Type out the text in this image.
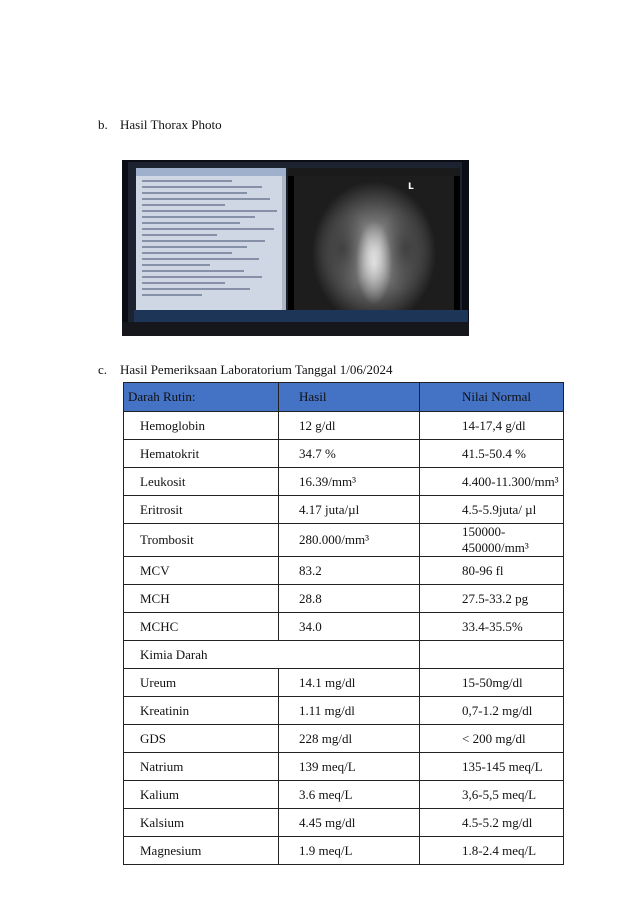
b. Hasil Thorax Photo
L
c. Hasil Pemeriksaan Laboratorium Tanggal 1/06/2024
Darah Rutin:	Hasil	Nilai Normal
Hemoglobin	12 g/dl	14-17,4 g/dl
Hematokrit	34.7 %	41.5-50.4 %
Leukosit	16.39/mm³	4.400-11.300/mm³
Eritrosit	4.17 juta/µl	4.5-5.9juta/ µl
Trombosit	280.000/mm³	150000-450000/mm³
MCV	83.2	80-96 fl
MCH	28.8	27.5-33.2 pg
MCHC	34.0	33.4-35.5%
Kimia Darah		
Ureum	14.1 mg/dl	15-50mg/dl
Kreatinin	1.11 mg/dl	0,7-1.2 mg/dl
GDS	228 mg/dl	< 200 mg/dl
Natrium	139 meq/L	135-145 meq/L
Kalium	3.6 meq/L	3,6-5,5 meq/L
Kalsium	4.45 mg/dl	4.5-5.2 mg/dl
Magnesium	1.9 meq/L	1.8-2.4 meq/L
